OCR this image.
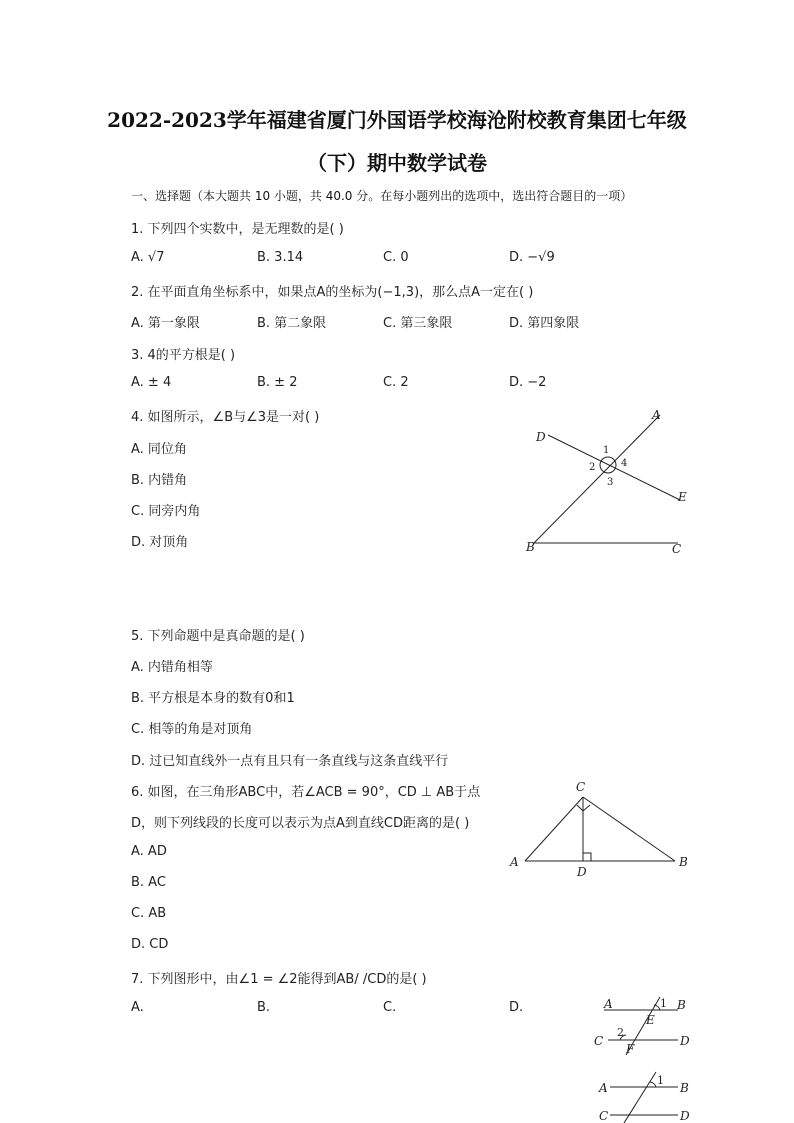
2022-2023学年福建省厦门外国语学校海沧附校教育集团七年级
（下）期中数学试卷
一、选择题（本大题共 10 小题，共 40.0 分。在每小题列出的选项中，选出符合题目的一项）
1. 下列四个实数中，是无理数的是( )
A. √7	B. 3.14	C. 0	D. −√9
2. 在平面直角坐标系中，如果点A的坐标为(−1,3)，那么点A一定在( )
A. 第一象限	B. 第二象限	C. 第三象限	D. 第四象限
3. 4的平方根是( )
A. ± 4	B. ± 2	C. 2	D. −2
4. 如图所示，∠B与∠3是一对( )
A. 同位角
B. 内错角
C. 同旁内角
D. 对顶角
A
D
E
B	C
1
2
3
4
5. 下列命题中是真命题的是( )
A. 内错角相等
B. 平方根是本身的数有0和1
C. 相等的角是对顶角
D. 过已知直线外一点有且只有一条直线与这条直线平行
6. 如图，在三角形ABC中，若∠ACB = 90°，CD ⊥ AB于点
D，则下列线段的长度可以表示为点A到直线CD距离的是( )
A. AD
B. AC
C. AB
D. CD
C
A	B
D
7. 下列图形中，由∠1 = ∠2能得到AB/ /CD的是( )
A.	B.	C.	D.	A	B
C	D
E
F
1
2
A	B
C	D
1
